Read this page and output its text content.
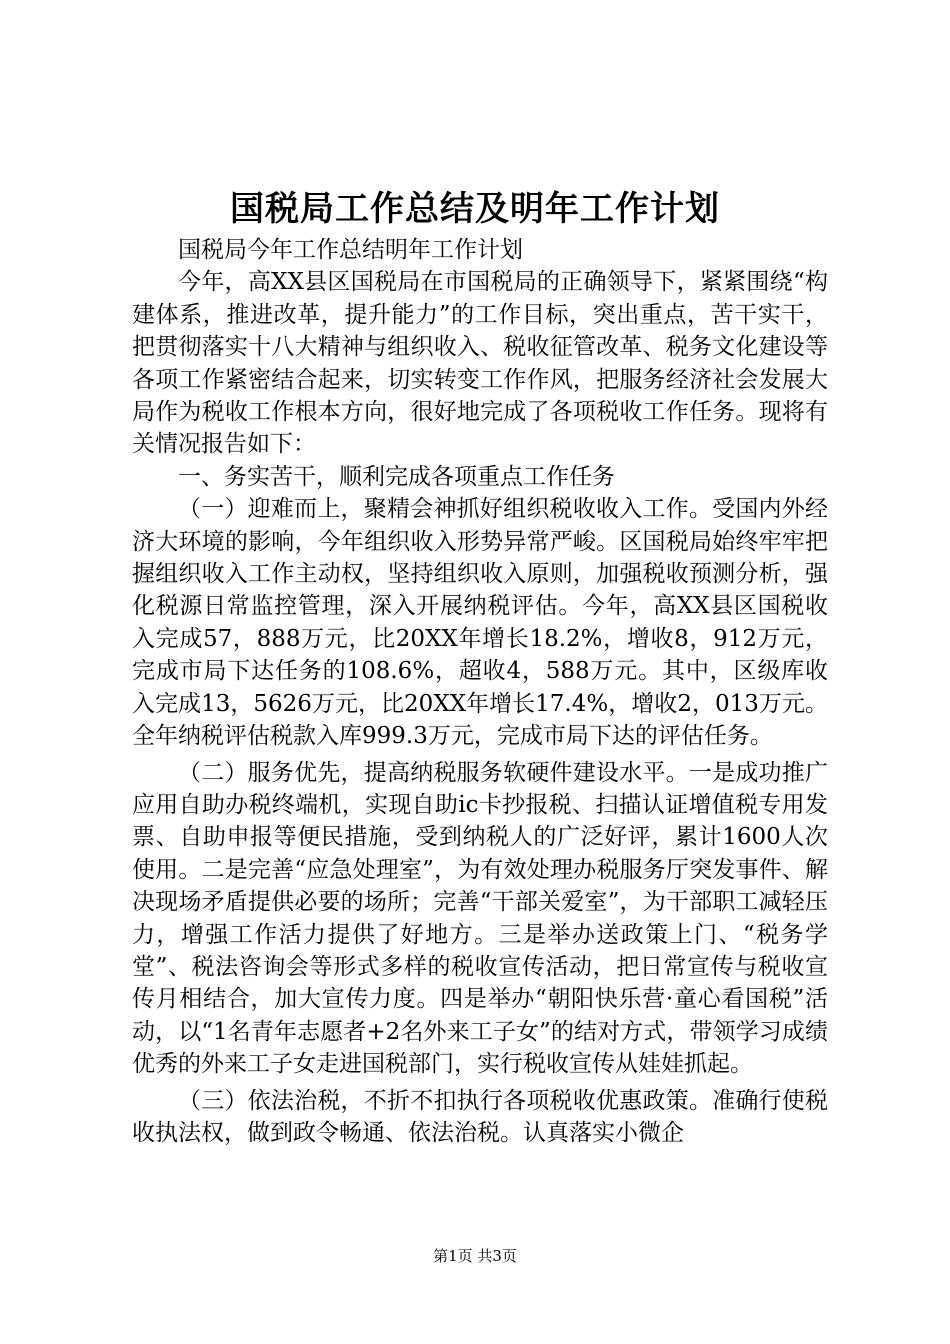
国税局工作总结及明年工作计划

国税局今年工作总结明年工作计划

今年，高XX县区国税局在市国税局的正确领导下，紧紧围绕“构建体系，推进改革，提升能力”的工作目标，突出重点，苦干实干，把贯彻落实十八大精神与组织收入、税收征管改革、税务文化建设等各项工作紧密结合起来，切实转变工作作风，把服务经济社会发展大局作为税收工作根本方向，很好地完成了各项税收工作任务。现将有关情况报告如下：

一、务实苦干，顺利完成各项重点工作任务

（一）迎难而上，聚精会神抓好组织税收收入工作。受国内外经济大环境的影响，今年组织收入形势异常严峻。区国税局始终牢牢把握组织收入工作主动权，坚持组织收入原则，加强税收预测分析，强化税源日常监控管理，深入开展纳税评估。今年，高XX县区国税收入完成57，888万元，比20XX年增长18.2%，增收8，912万元，完成市局下达任务的108.6%，超收4，588万元。其中，区级库收入完成13，5626万元，比20XX年增长17.4%，增收2，013万元。全年纳税评估税款入库999.3万元，完成市局下达的评估任务。

（二）服务优先，提高纳税服务软硬件建设水平。一是成功推广应用自助办税终端机，实现自助ic卡抄报税、扫描认证增值税专用发票、自助申报等便民措施，受到纳税人的广泛好评，累计1600人次使用。二是完善“应急处理室”，为有效处理办税服务厅突发事件、解决现场矛盾提供必要的场所；完善“干部关爱室”，为干部职工减轻压力，增强工作活力提供了好地方。三是举办送政策上门、“税务学堂”、税法咨询会等形式多样的税收宣传活动，把日常宣传与税收宣传月相结合，加大宣传力度。四是举办“朝阳快乐营·童心看国税”活动，以“1名青年志愿者+2名外来工子女”的结对方式，带领学习成绩优秀的外来工子女走进国税部门，实行税收宣传从娃娃抓起。

（三）依法治税，不折不扣执行各项税收优惠政策。准确行使税收执法权，做到政令畅通、依法治税。认真落实小微企

第1页 共3页
